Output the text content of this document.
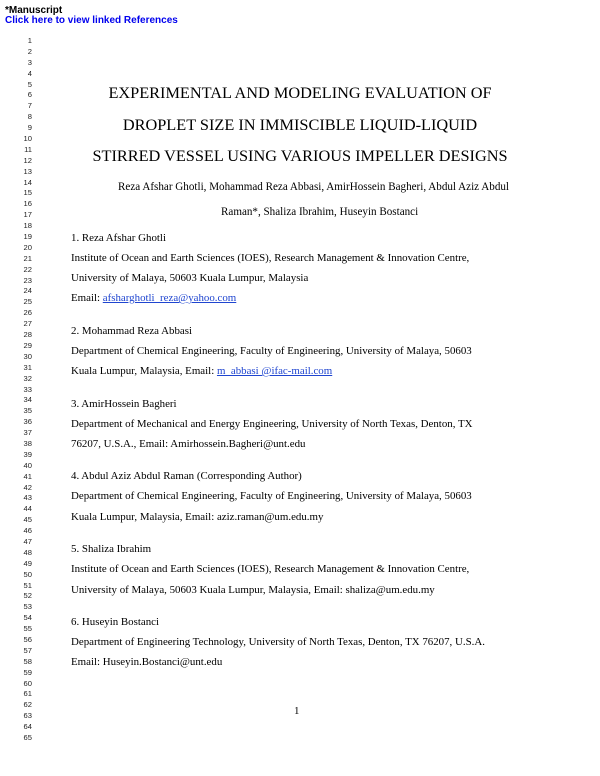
*Manuscript
Click here to view linked References
1
2
3
4
5
6
7
8
9
10
11
12
13
14
15
16
17
18
19
20
21
22
23
24
25
26
27
28
29
30
31
32
33
34
35
36
37
38
39
40
41
42
43
44
45
46
47
48
49
50
51
52
53
54
55
56
57
58
59
60
61
62
63
64
65
EXPERIMENTAL AND MODELING EVALUATION OF
DROPLET SIZE IN IMMISCIBLE LIQUID-LIQUID
STIRRED VESSEL USING VARIOUS IMPELLER DESIGNS
Reza Afshar Ghotli, Mohammad Reza Abbasi, AmirHossein Bagheri, Abdul Aziz Abdul
Raman*, Shaliza Ibrahim, Huseyin Bostanci
1. Reza Afshar Ghotli
Institute of Ocean and Earth Sciences (IOES), Research Management & Innovation Centre,
University of Malaya, 50603 Kuala Lumpur, Malaysia
Email: afsharghotli_reza@yahoo.com
2. Mohammad Reza Abbasi
Department of Chemical Engineering, Faculty of Engineering, University of Malaya, 50603
Kuala Lumpur, Malaysia, Email: m_abbasi @ifac-mail.com
3. AmirHossein Bagheri
Department of Mechanical and Energy Engineering, University of North Texas, Denton, TX
76207, U.S.A., Email: Amirhossein.Bagheri@unt.edu
4. Abdul Aziz Abdul Raman (Corresponding Author)
Department of Chemical Engineering, Faculty of Engineering, University of Malaya, 50603
Kuala Lumpur, Malaysia, Email: aziz.raman@um.edu.my
5. Shaliza Ibrahim
Institute of Ocean and Earth Sciences (IOES), Research Management & Innovation Centre,
University of Malaya, 50603 Kuala Lumpur, Malaysia, Email: shaliza@um.edu.my
6. Huseyin Bostanci
Department of Engineering Technology, University of North Texas, Denton, TX 76207, U.S.A.
Email: Huseyin.Bostanci@unt.edu
1
